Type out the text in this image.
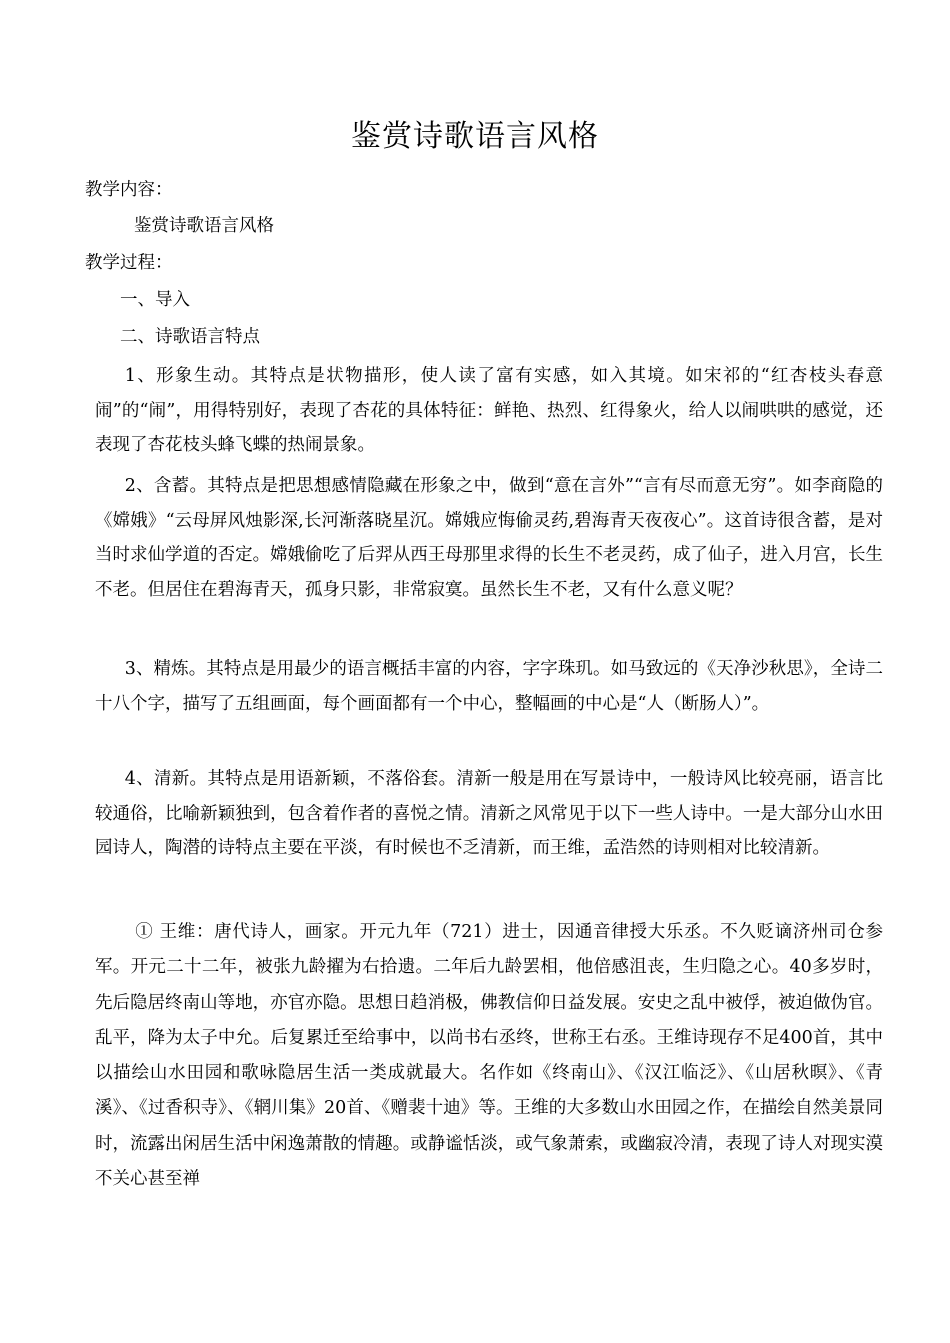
鉴赏诗歌语言风格
教学内容：
鉴赏诗歌语言风格
教学过程：
一、导入
二、诗歌语言特点
1、形象生动。其特点是状物描形，使人读了富有实感，如入其境。如宋祁的“红杏枝头春意闹”的“闹”，用得特别好，表现了杏花的具体特征：鲜艳、热烈、红得象火，给人以闹哄哄的感觉，还表现了杏花枝头蜂飞蝶的热闹景象。
2、含蓄。其特点是把思想感情隐藏在形象之中，做到“意在言外”“言有尽而意无穷”。如李商隐的《嫦娥》“云母屏风烛影深,长河渐落晓星沉。嫦娥应悔偷灵药,碧海青天夜夜心”。这首诗很含蓄，是对当时求仙学道的否定。嫦娥偷吃了后羿从西王母那里求得的长生不老灵药，成了仙子，进入月宫，长生不老。但居住在碧海青天，孤身只影，非常寂寞。虽然长生不老，又有什么意义呢？
3、精炼。其特点是用最少的语言概括丰富的内容，字字珠玑。如马致远的《天净沙秋思》，全诗二十八个字，描写了五组画面，每个画面都有一个中心，整幅画的中心是“人（断肠人）”。
4、清新。其特点是用语新颖，不落俗套。清新一般是用在写景诗中，一般诗风比较亮丽，语言比较通俗，比喻新颖独到，包含着作者的喜悦之情。清新之风常见于以下一些人诗中。一是大部分山水田园诗人，陶潜的诗特点主要在平淡，有时候也不乏清新，而王维，孟浩然的诗则相对比较清新。
① 王维：唐代诗人，画家。开元九年（721）进士，因通音律授大乐丞。不久贬谪济州司仓参军。开元二十二年，被张九龄擢为右拾遗。二年后九龄罢相，他倍感沮丧，生归隐之心。40多岁时，先后隐居终南山等地，亦官亦隐。思想日趋消极，佛教信仰日益发展。安史之乱中被俘，被迫做伪官。乱平，降为太子中允。后复累迁至给事中，以尚书右丞终，世称王右丞。王维诗现存不足400首，其中以描绘山水田园和歌咏隐居生活一类成就最大。名作如《终南山》、《汉江临泛》、《山居秋暝》、《青溪》、《过香积寺》、《辋川集》20首、《赠裴十迪》等。王维的大多数山水田园之作，在描绘自然美景同时，流露出闲居生活中闲逸萧散的情趣。或静谧恬淡，或气象萧索，或幽寂冷清，表现了诗人对现实漠不关心甚至禅
